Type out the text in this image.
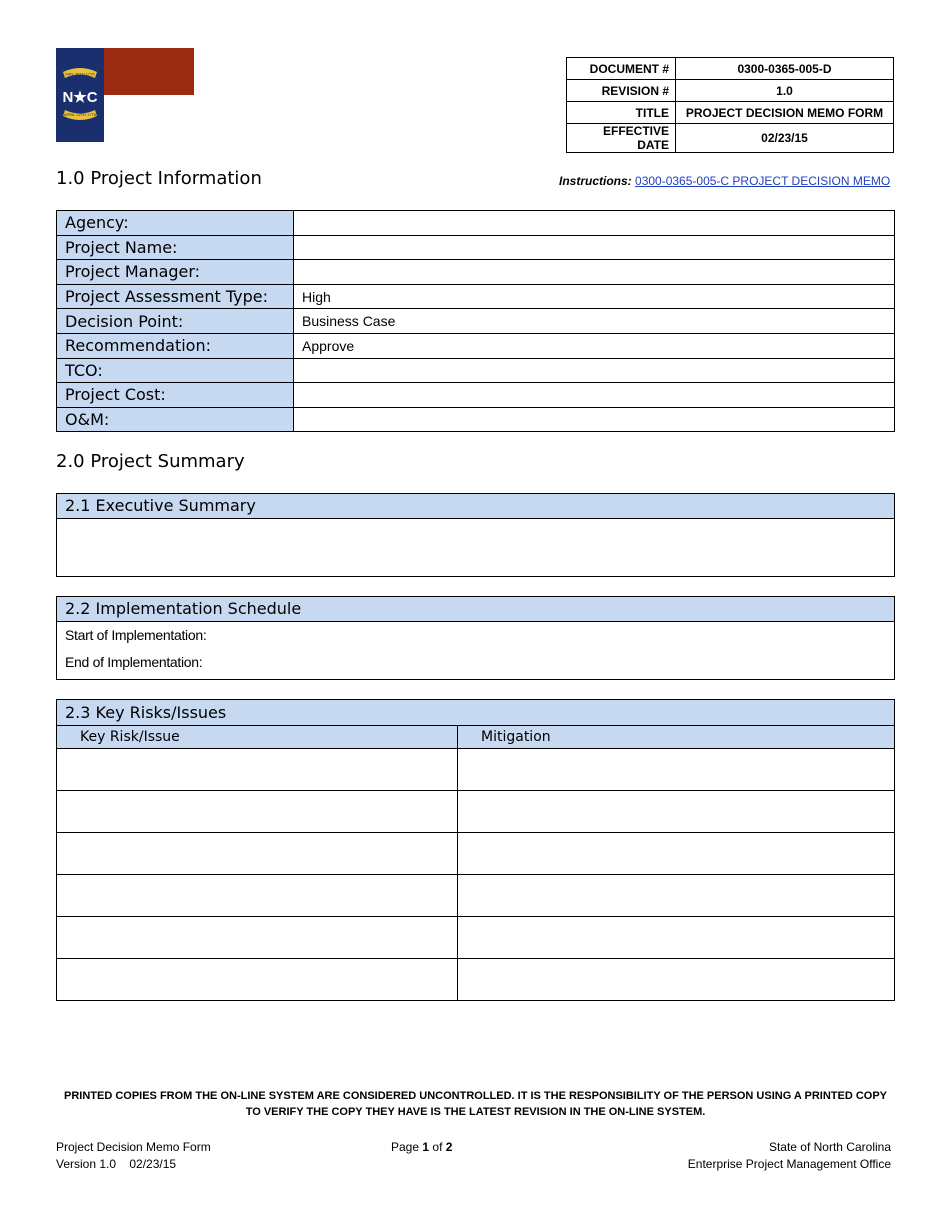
MAY 20TH 1775
N★C
APRIL 12TH 1776
DOCUMENT #	0300-0365-005-D
REVISION #	1.0
TITLE	PROJECT DECISION MEMO FORM
EFFECTIVE DATE	02/23/15
1.0 Project Information	Instructions: 0300-0365-005-C PROJECT DECISION MEMO
Agency:	
Project Name:	
Project Manager:	
Project Assessment Type:	High
Decision Point:	Business Case
Recommendation:	Approve
TCO:	
Project Cost:	
O&M:	
2.0 Project Summary
2.1 Executive Summary
2.2 Implementation Schedule
Start of Implementation:
End of Implementation:
2.3 Key Risks/Issues	
Key Risk/Issue	Mitigation

PRINTED COPIES FROM THE ON-LINE SYSTEM ARE CONSIDERED UNCONTROLLED. IT IS THE RESPONSIBILITY OF THE PERSON USING A PRINTED COPY TO VERIFY THE COPY THEY HAVE IS THE LATEST REVISION IN THE ON-LINE SYSTEM.
Project Decision Memo Form
Version 1.0    02/23/15
Page 1 of 2	State of North Carolina
Enterprise Project Management Office
